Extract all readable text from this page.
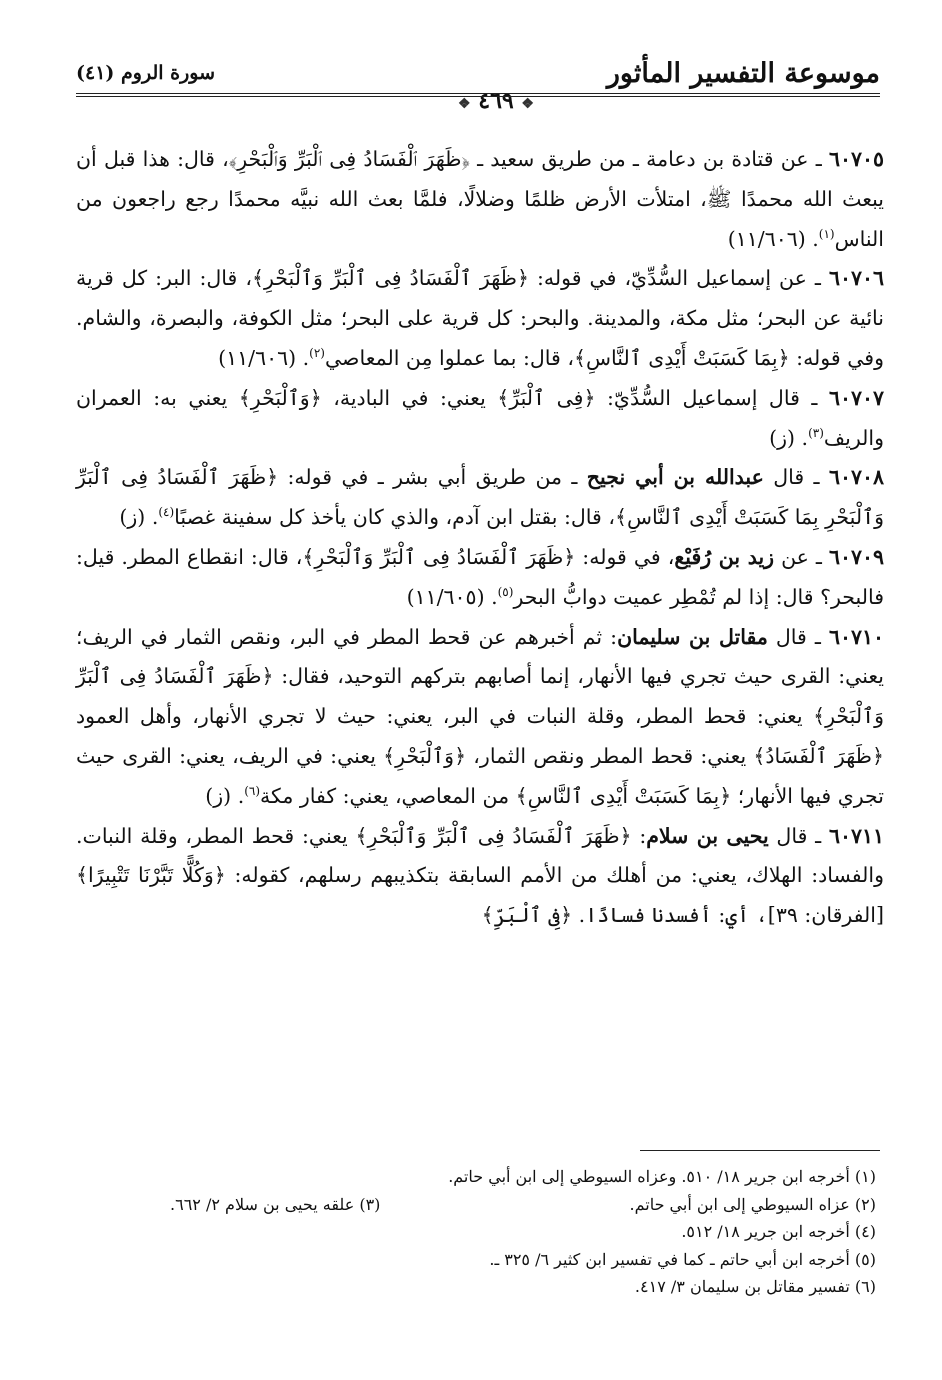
موسوعة التفسير المأثور
❖ ٤٦٩ ❖
سورة الروم (٤١)

٦٠٧٠٥ ـ عن قتادة بن دعامة ـ من طريق سعيد ـ ﴿ظَهَرَ ٱلْفَسَادُ فِى ٱلْبَرِّ وَٱلْبَحْرِ﴾، قال: هذا قبل أن يبعث الله محمدًا ﷺ، امتلأت الأرض ظلمًا وضلالًا، فلمَّا بعث الله نبيَّه محمدًا رجع راجعون من الناس$^{(١)}$. (١١/٦٠٦)

٦٠٧٠٦ ـ عن إسماعيل السُّدِّيّ، في قوله: ﴿ظَهَرَ ٱلْفَسَادُ فِى ٱلْبَرِّ وَٱلْبَحْرِ﴾، قال: البر: كل قرية نائية عن البحر؛ مثل مكة، والمدينة. والبحر: كل قرية على البحر؛ مثل الكوفة، والبصرة، والشام. وفي قوله: ﴿بِمَا كَسَبَتْ أَيْدِى ٱلنَّاسِ﴾، قال: بما عملوا مِن المعاصي$^{(٢)}$. (١١/٦٠٦)

٦٠٧٠٧ ـ قال إسماعيل السُّدِّيّ: ﴿فِى ٱلْبَرِّ﴾ يعني: في البادية، ﴿وَٱلْبَحْرِ﴾ يعني به: العمران والريف$^{(٣)}$. (ز)

٦٠٧٠٨ ـ قال عبدالله بن أبي نجيح ـ من طريق أبي بشر ـ في قوله: ﴿ظَهَرَ ٱلْفَسَادُ فِى ٱلْبَرِّ وَٱلْبَحْرِ بِمَا كَسَبَتْ أَيْدِى ٱلنَّاسِ﴾، قال: بقتل ابن آدم، والذي كان يأخذ كل سفينة غصبًا$^{(٤)}$. (ز)

٦٠٧٠٩ ـ عن زيد بن رُفَيْع، في قوله: ﴿ظَهَرَ ٱلْفَسَادُ فِى ٱلْبَرِّ وَٱلْبَحْرِ﴾، قال: انقطاع المطر. قيل: فالبحر؟ قال: إذا لم تُمْطِر عميت دوابُّ البحر$^{(٥)}$. (١١/٦٠٥)

٦٠٧١٠ ـ قال مقاتل بن سليمان: ثم أخبرهم عن قحط المطر في البر، ونقص الثمار في الريف؛ يعني: القرى حيث تجري فيها الأنهار، إنما أصابهم بتركهم التوحيد، فقال: ﴿ظَهَرَ ٱلْفَسَادُ فِى ٱلْبَرِّ وَٱلْبَحْرِ﴾ يعني: قحط المطر، وقلة النبات في البر، يعني: حيث لا تجري الأنهار، وأهل العمود ﴿ظَهَرَ ٱلْفَسَادُ﴾ يعني: قحط المطر ونقص الثمار، ﴿وَٱلْبَحْرِ﴾ يعني: في الريف، يعني: القرى حيث تجري فيها الأنهار؛ ﴿بِمَا كَسَبَتْ أَيْدِى ٱلنَّاسِ﴾ من المعاصي، يعني: كفار مكة$^{(٦)}$. (ز)

٦٠٧١١ ـ قال يحيى بن سلام: ﴿ظَهَرَ ٱلْفَسَادُ فِى ٱلْبَرِّ وَٱلْبَحْرِ﴾ يعني: قحط المطر، وقلة النبات. والفساد: الهلاك، يعني: من أهلك من الأمم السابقة بتكذيبهم رسلهم، كقوله: ﴿وَكُلًّا تَبَّرْنَا تَتْبِيرًا﴾ [الفرقان: ٣٩]، أي: أفسدنا فسادًا. ﴿فِى ٱلْبَرِّ﴾

(١) أخرجه ابن جرير ١٨/ ٥١٠. وعزاه السيوطي إلى ابن أبي حاتم.

(٢) عزاه السيوطي إلى ابن أبي حاتم.

(٣) علقه يحيى بن سلام ٢/ ٦٦٢.

(٤) أخرجه ابن جرير ١٨/ ٥١٢.

(٥) أخرجه ابن أبي حاتم ـ كما في تفسير ابن كثير ٦/ ٣٢٥ ـ.

(٦) تفسير مقاتل بن سليمان ٣/ ٤١٧.
